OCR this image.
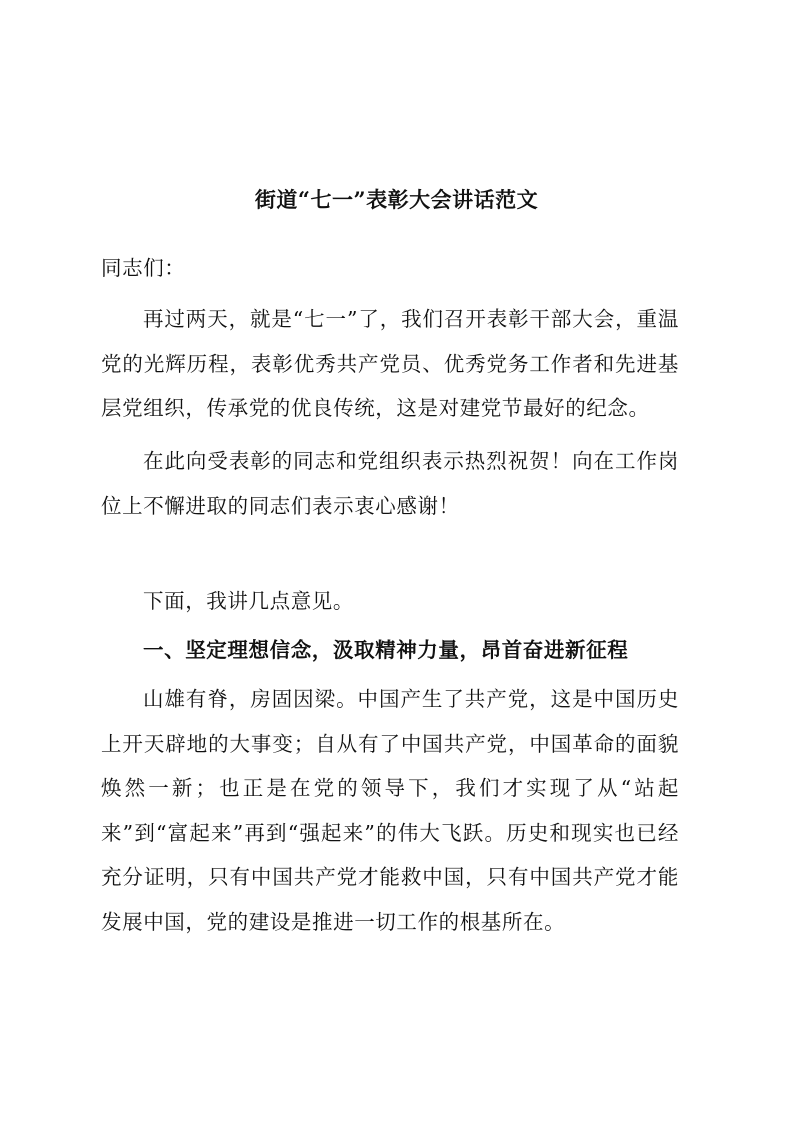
街道“七一”表彰大会讲话范文
同志们：
再过两天，就是“七一”了，我们召开表彰干部大会，重温党的光辉历程，表彰优秀共产党员、优秀党务工作者和先进基层党组织，传承党的优良传统，这是对建党节最好的纪念。
在此向受表彰的同志和党组织表示热烈祝贺！向在工作岗位上不懈进取的同志们表示衷心感谢！
下面，我讲几点意见。
一、坚定理想信念，汲取精神力量，昂首奋进新征程
山雄有脊，房固因梁。中国产生了共产党，这是中国历史上开天辟地的大事变；自从有了中国共产党，中国革命的面貌焕然一新；也正是在党的领导下，我们才实现了从“站起来”到“富起来”再到“强起来”的伟大飞跃。历史和现实也已经充分证明，只有中国共产党才能救中国，只有中国共产党才能发展中国，党的建设是推进一切工作的根基所在。
